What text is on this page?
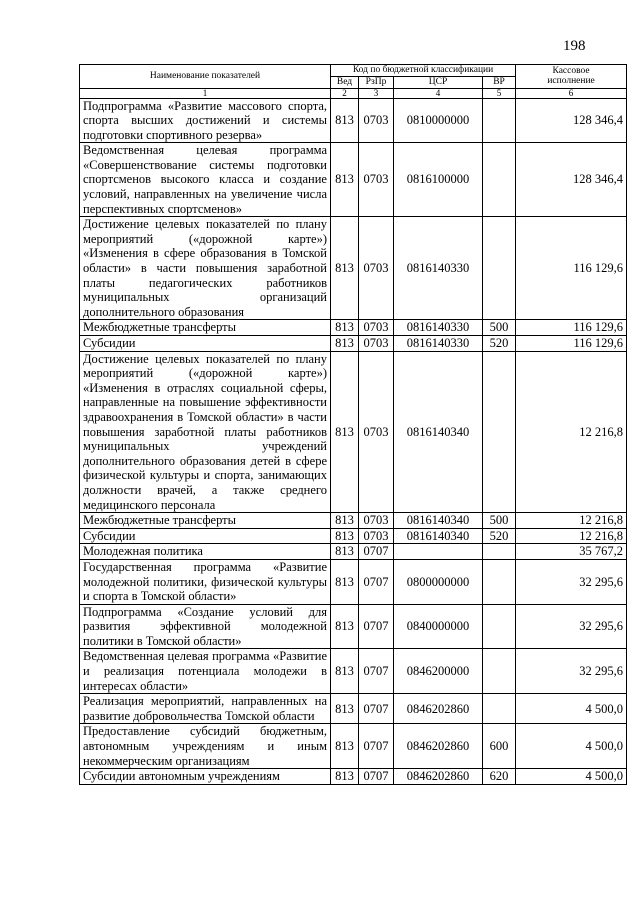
198
Наименование показателей	Код по бюджетной классификации				Кассовое
исполнение
	Вед	РзПр	ЦСР	ВР	
1	2	3	4	5	6
Подпрограмма «Развитие массового спорта, спорта высших достижений и системы подготовки спортивного резерва»	813	0703	0810000000		128 346,4
Ведомственная целевая программа «Совершенствование системы подготовки спортсменов высокого класса и создание условий, направленных на увеличение числа перспективных спортсменов»	813	0703	0816100000		128 346,4
Достижение целевых показателей по плану мероприятий («дорожной карте») «Изменения в сфере образования в Томской области» в части повышения заработной платы педагогических работников муниципальных организаций дополнительного образования	813	0703	0816140330		116 129,6
Межбюджетные трансферты	813	0703	0816140330	500	116 129,6
Субсидии	813	0703	0816140330	520	116 129,6
Достижение целевых показателей по плану мероприятий («дорожной карте») «Изменения в отраслях социальной сферы, направленные на повышение эффективности здравоохранения в Томской области» в части повышения заработной платы работников муниципальных учреждений дополнительного образования детей в сфере физической культуры и спорта, занимающих должности врачей, а также среднего медицинского персонала	813	0703	0816140340		12 216,8
Межбюджетные трансферты	813	0703	0816140340	500	12 216,8
Субсидии	813	0703	0816140340	520	12 216,8
Молодежная политика	813	0707			35 767,2
Государственная программа «Развитие молодежной политики, физической культуры и спорта в Томской области»	813	0707	0800000000		32 295,6
Подпрограмма «Создание условий для развития эффективной молодежной политики в Томской области»	813	0707	0840000000		32 295,6
Ведомственная целевая программа «Развитие и реализация потенциала молодежи в интересах области»	813	0707	0846200000		32 295,6
Реализация мероприятий, направленных на развитие добровольчества Томской области	813	0707	0846202860		4 500,0
Предоставление субсидий бюджетным, автономным учреждениям и иным некоммерческим организациям	813	0707	0846202860	600	4 500,0
Субсидии автономным учреждениям	813	0707	0846202860	620	4 500,0
